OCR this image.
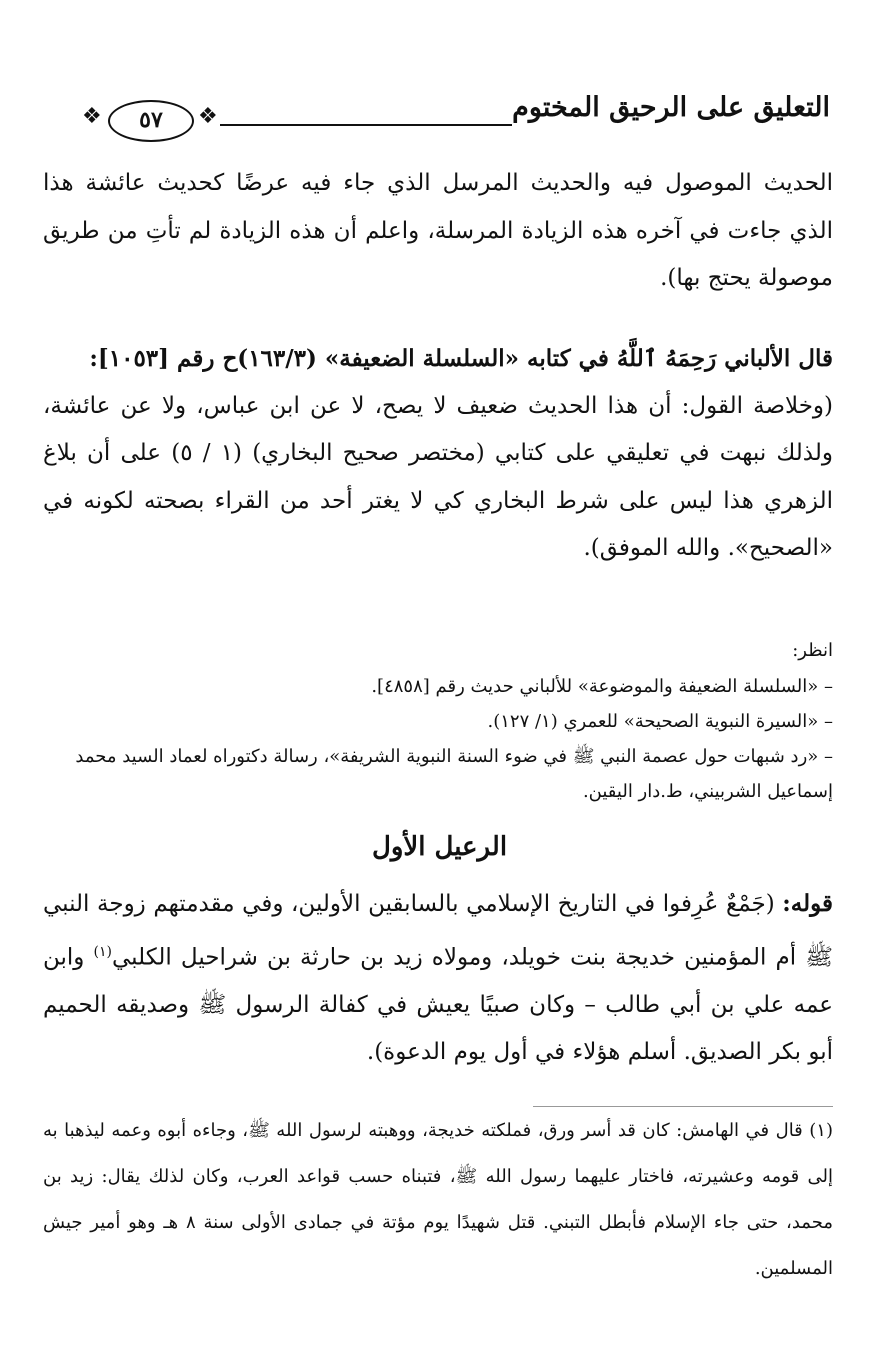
التعليق على الرحيق المختوم
❖
٥٧
❖

الحديث الموصول فيه والحديث المرسل الذي جاء فيه عرضًا كحديث عائشة هذا الذي جاءت في آخره هذه الزيادة المرسلة، واعلم أن هذه الزيادة لم تأتِ من طريق موصولة يحتج بها).

قال الألباني رَحِمَهُ ٱللَّهُ في كتابه «السلسلة الضعيفة» (١٦٣/٣)ح رقم [١٠٥٣]:

(وخلاصة القول: أن هذا الحديث ضعيف لا يصح، لا عن ابن عباس، ولا عن عائشة، ولذلك نبهت في تعليقي على كتابي (مختصر صحيح البخاري) (١ / ٥) على أن بلاغ الزهري هذا ليس على شرط البخاري كي لا يغتر أحد من القراء بصحته لكونه في «الصحيح». والله الموفق).

انظر:

– «السلسلة الضعيفة والموضوعة» للألباني حديث رقم [٤٨٥٨].
– «السيرة النبوية الصحيحة» للعمري (١/ ١٢٧).
– «رد شبهات حول عصمة النبي ﷺ في ضوء السنة النبوية الشريفة»، رسالة دكتوراه لعماد السيد محمد إسماعيل الشربيني، ط.دار اليقين.
الرعيل الأول

قوله: (جَمْعٌ عُرِفوا في التاريخ الإسلامي بالسابقين الأولين، وفي مقدمتهم زوجة النبي ﷺ أم المؤمنين خديجة بنت خويلد، ومولاه زيد بن حارثة بن شراحيل الكلبي$^{(١)}$ وابن عمه علي بن أبي طالب – وكان صبيًا يعيش في كفالة الرسول ﷺ وصديقه الحميم أبو بكر الصديق. أسلم هؤلاء في أول يوم الدعوة).

(١) قال في الهامش: كان قد أسر ورق، فملكته خديجة، ووهبته لرسول الله ﷺ، وجاءه أبوه وعمه ليذهبا به إلى قومه وعشيرته، فاختار عليهما رسول الله ﷺ، فتبناه حسب قواعد العرب، وكان لذلك يقال: زيد بن محمد، حتى جاء الإسلام فأبطل التبني. قتل شهيدًا يوم مؤتة في جمادى الأولى سنة ٨ هـ وهو أمير جيش المسلمين.
